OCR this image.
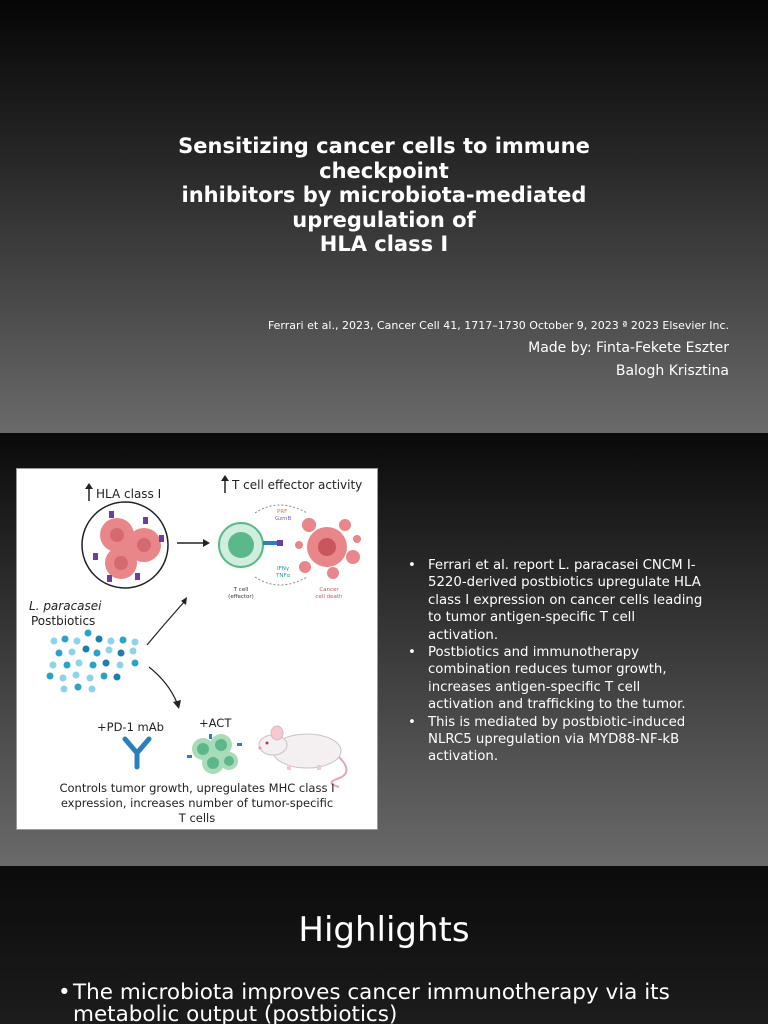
Sensitizing cancer cells to immune
checkpoint
inhibitors by microbiota-mediated
upregulation of
HLA class I
Ferrari et al., 2023, Cancer Cell 41, 1717–1730 October 9, 2023 ª 2023 Elsevier Inc.
Made by: Finta-Fekete Eszter
Balogh Krisztina
HLA class I
T cell effector activity
T cell
(effector)
PRF
GzmB
IFNγ
TNFα
Cancer
cell death
L. paracasei
Postbiotics
+PD-1 mAb	+ACT
Controls tumor growth, upregulates MHC class I
expression, increases number of tumor-specific
T cells
• Ferrari et al. report L. paracasei CNCM I-5220-derived postbiotics upregulate HLA class I expression on cancer cells leading to tumor antigen-specific T cell activation.
• Postbiotics and immunotherapy combination reduces tumor growth, increases antigen-specific T cell activation and trafficking to the tumor.
• This is mediated by postbiotic-induced NLRC5 upregulation via MYD88-NF-kB activation.
Highlights
• The microbiota improves cancer immunotherapy via its metabolic output (postbiotics)
